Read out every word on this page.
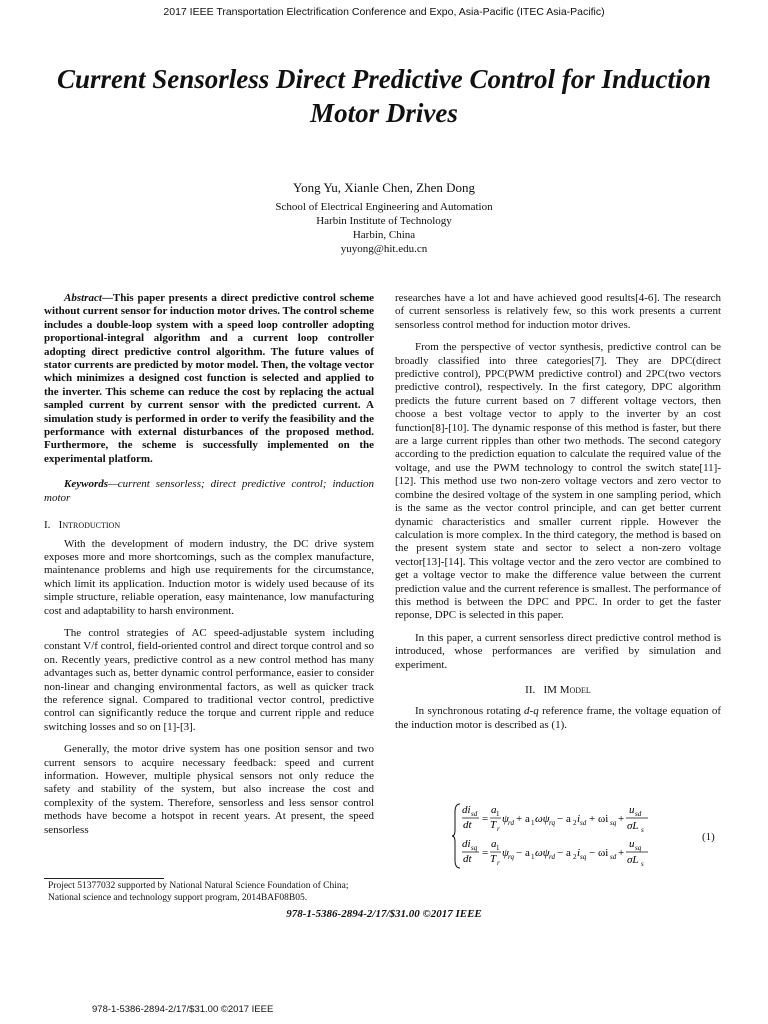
2017 IEEE Transportation Electrification Conference and Expo, Asia-Pacific (ITEC Asia-Pacific)
Current Sensorless Direct Predictive Control for Induction Motor Drives
Yong Yu, Xianle Chen, Zhen Dong
School of Electrical Engineering and Automation
Harbin Institute of Technology
Harbin, China
yuyong@hit.edu.cn

Abstract—This paper presents a direct predictive control scheme without current sensor for induction motor drives. The control scheme includes a double-loop system with a speed loop controller adopting proportional-integral algorithm and a current loop controller adopting direct predictive control algorithm. The future values of stator currents are predicted by motor model. Then, the voltage vector which minimizes a designed cost function is selected and applied to the inverter. This scheme can reduce the cost by replacing the actual sampled current by current sensor with the predicted current. A simulation study is performed in order to verify the feasibility and the performance with external disturbances of the proposed method. Furthermore, the scheme is successfully implemented on the experimental platform.

Keywords—current sensorless; direct predictive control; induction motor

I. Introduction

With the development of modern industry, the DC drive system exposes more and more shortcomings, such as the complex manufacture, maintenance problems and high use requirements for the circumstance, which limit its application. Induction motor is widely used because of its simple structure, reliable operation, easy maintenance, low manufacturing cost and adaptability to harsh environment.

The control strategies of AC speed-adjustable system including constant V/f control, field-oriented control and direct torque control and so on. Recently years, predictive control as a new control method has many advantages such as, better dynamic control performance, easier to consider non-linear and changing environmental factors, as well as quicker track the reference signal. Compared to traditional vector control, predictive control can significantly reduce the torque and current ripple and reduce switching losses and so on [1]-[3].

Generally, the motor drive system has one position sensor and two current sensors to acquire necessary feedback: speed and current information. However, multiple physical sensors not only reduce the safety and stability of the system, but also increase the cost and complexity of the system. Therefore, sensorless and less sensor control methods have become a hotspot in recent years. At present, the speed sensorless

Project 51377032 supported by National Natural Science Foundation of China; National science and technology support program, 2014BAF08B05.

researches have a lot and have achieved good results[4-6]. The research of current sensorless is relatively few, so this work presents a current sensorless control method for induction motor drives.

From the perspective of vector synthesis, predictive control can be broadly classified into three categories[7]. They are DPC(direct predictive control), PPC(PWM predictive control) and 2PC(two vectors predictive control), respectively. In the first category, DPC algorithm predicts the future current based on 7 different voltage vectors, then choose a best voltage vector to apply to the inverter by an cost function[8]-[10]. The dynamic response of this method is faster, but there are a large current ripples than other two methods. The second category according to the prediction equation to calculate the required value of the voltage, and use the PWM technology to control the switch state[11]-[12]. This method use two non-zero voltage vectors and zero vector to combine the desired voltage of the system in one sampling period, which is the same as the vector control principle, and can get better current dynamic characteristics and smaller current ripple. However the calculation is more complex. In the third category, the method is based on the present system state and sector to select a non-zero voltage vector[13]-[14]. This voltage vector and the zero vector are combined to get a voltage vector to make the difference value between the current prediction value and the current reference is smallest. The performance of this method is between the DPC and PPC. In order to get the faster reponse, DPC is selected in this paper.

In this paper, a current sensorless direct predictive control method is introduced, whose performances are verified by simulation and experiment.

II. IM Model

In synchronous rotating d-q reference frame, the voltage equation of the induction motor is described as (1).

di sd
dt =
a 1
T r
ψ rd + a 1 ωψ rq − a 2 i sd + ωi sq +
u sd
σL s
di sq
dt =
a 1
T r
ψ rq − a 1 ωψ rd − a 2 i sq − ωi sd +
u sq
σL s
(1)
978-1-5386-2894-2/17/$31.00 ©2017 IEEE
978-1-5386-2894-2/17/$31.00 ©2017 IEEE
